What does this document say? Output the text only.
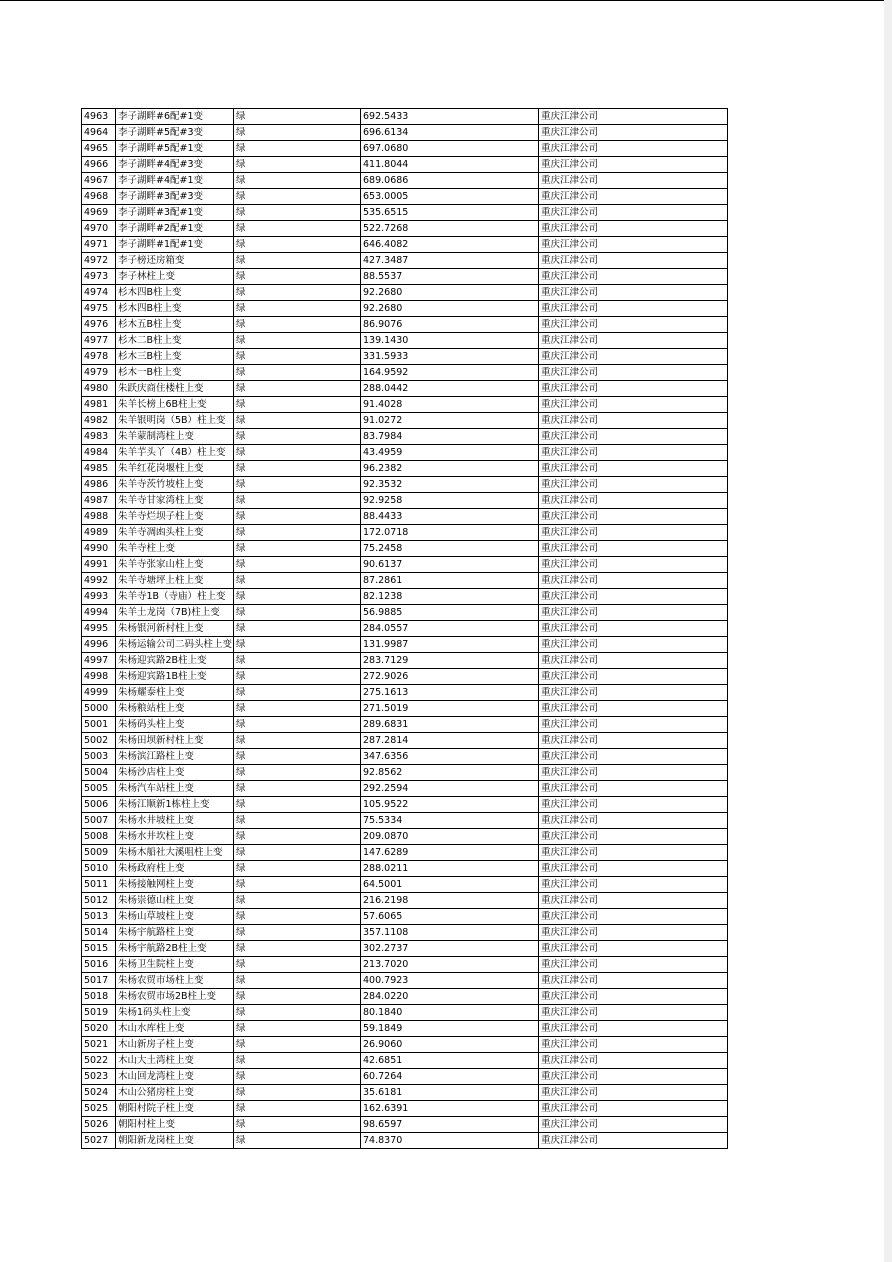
4963	李子湖畔#6配#1变	绿	692.5433	重庆江津公司
4964	李子湖畔#5配#3变	绿	696.6134	重庆江津公司
4965	李子湖畔#5配#1变	绿	697.0680	重庆江津公司
4966	李子湖畔#4配#3变	绿	411.8044	重庆江津公司
4967	李子湖畔#4配#1变	绿	689.0686	重庆江津公司
4968	李子湖畔#3配#3变	绿	653.0005	重庆江津公司
4969	李子湖畔#3配#1变	绿	535.6515	重庆江津公司
4970	李子湖畔#2配#1变	绿	522.7268	重庆江津公司
4971	李子湖畔#1配#1变	绿	646.4082	重庆江津公司
4972	李子榜还房箱变	绿	427.3487	重庆江津公司
4973	李子林柱上变	绿	88.5537	重庆江津公司
4974	杉木四B柱上变	绿	92.2680	重庆江津公司
4975	杉木四B柱上变	绿	92.2680	重庆江津公司
4976	杉木五B柱上变	绿	86.9076	重庆江津公司
4977	杉木二B柱上变	绿	139.1430	重庆江津公司
4978	杉木三B柱上变	绿	331.5933	重庆江津公司
4979	杉木一B柱上变	绿	164.9592	重庆江津公司
4980	朱跃庆商住楼柱上变	绿	288.0442	重庆江津公司
4981	朱羊长榜上6B柱上变	绿	91.4028	重庆江津公司
4982	朱羊银明岗（5B）柱上变	绿	91.0272	重庆江津公司
4983	朱羊蒙制湾柱上变	绿	83.7984	重庆江津公司
4984	朱羊芋头丫（4B）柱上变	绿	43.4959	重庆江津公司
4985	朱羊红花岗堰柱上变	绿	96.2382	重庆江津公司
4986	朱羊寺茨竹坡柱上变	绿	92.3532	重庆江津公司
4987	朱羊寺甘家湾柱上变	绿	92.9258	重庆江津公司
4988	朱羊寺烂坝子柱上变	绿	88.4433	重庆江津公司
4989	朱羊寺凋凼头柱上变	绿	172.0718	重庆江津公司
4990	朱羊寺柱上变	绿	75.2458	重庆江津公司
4991	朱羊寺张家山柱上变	绿	90.6137	重庆江津公司
4992	朱羊寺塘坪上柱上变	绿	87.2861	重庆江津公司
4993	朱羊寺1B（寺庙）柱上变	绿	82.1238	重庆江津公司
4994	朱羊土龙岗（7B)柱上变	绿	56.9885	重庆江津公司
4995	朱杨银河新村柱上变	绿	284.0557	重庆江津公司
4996	朱杨运输公司二码头柱上变	绿	131.9987	重庆江津公司
4997	朱杨迎宾路2B柱上变	绿	283.7129	重庆江津公司
4998	朱杨迎宾路1B柱上变	绿	272.9026	重庆江津公司
4999	朱杨耀泰柱上变	绿	275.1613	重庆江津公司
5000	朱杨粮站柱上变	绿	271.5019	重庆江津公司
5001	朱杨码头柱上变	绿	289.6831	重庆江津公司
5002	朱杨田坝新村柱上变	绿	287.2814	重庆江津公司
5003	朱杨滨江路柱上变	绿	347.6356	重庆江津公司
5004	朱杨沙店柱上变	绿	92.8562	重庆江津公司
5005	朱杨汽车站柱上变	绿	292.2594	重庆江津公司
5006	朱杨江顺新1栋柱上变	绿	105.9522	重庆江津公司
5007	朱杨水井坡柱上变	绿	75.5334	重庆江津公司
5008	朱杨水井坎柱上变	绿	209.0870	重庆江津公司
5009	朱杨木船社大溪咀柱上变	绿	147.6289	重庆江津公司
5010	朱杨政府柱上变	绿	288.0211	重庆江津公司
5011	朱杨接触网柱上变	绿	64.5001	重庆江津公司
5012	朱杨崇德山柱上变	绿	216.2198	重庆江津公司
5013	朱杨山草坡柱上变	绿	57.6065	重庆江津公司
5014	朱杨宇航路柱上变	绿	357.1108	重庆江津公司
5015	朱杨宇航路2B柱上变	绿	302.2737	重庆江津公司
5016	朱杨卫生院柱上变	绿	213.7020	重庆江津公司
5017	朱杨农贸市场柱上变	绿	400.7923	重庆江津公司
5018	朱杨农贸市场2B柱上变	绿	284.0220	重庆江津公司
5019	朱杨1码头柱上变	绿	80.1840	重庆江津公司
5020	木山水库柱上变	绿	59.1849	重庆江津公司
5021	木山新房子柱上变	绿	26.9060	重庆江津公司
5022	木山大土湾柱上变	绿	42.6851	重庆江津公司
5023	木山回龙湾柱上变	绿	60.7264	重庆江津公司
5024	木山公猪房柱上变	绿	35.6181	重庆江津公司
5025	朝阳村院子柱上变	绿	162.6391	重庆江津公司
5026	朝阳村柱上变	绿	98.6597	重庆江津公司
5027	朝阳新龙岗柱上变	绿	74.8370	重庆江津公司
